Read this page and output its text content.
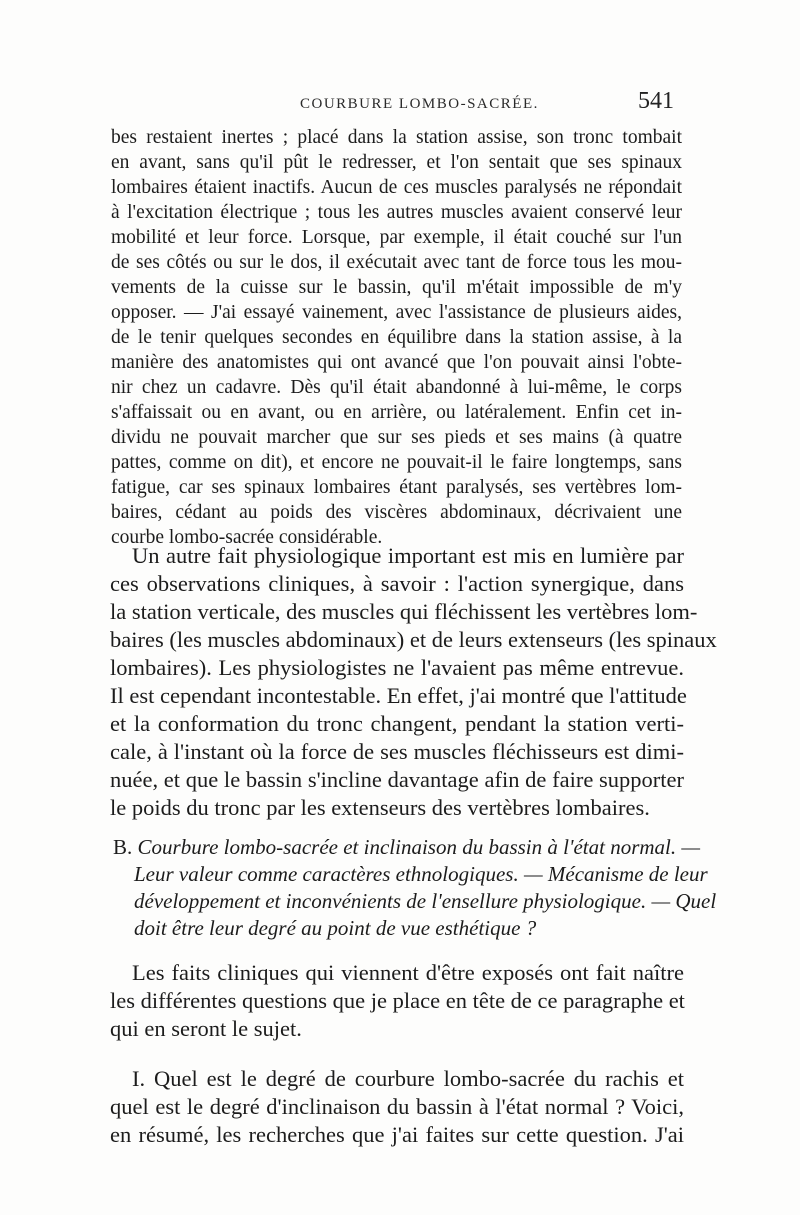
COURBURE LOMBO-SACRÉE.	541
bes restaient inertes ; placé dans la station assise, son tronc tombait
en avant, sans qu'il pût le redresser, et l'on sentait que ses spinaux
lombaires étaient inactifs. Aucun de ces muscles paralysés ne répondait
à l'excitation électrique ; tous les autres muscles avaient conservé leur
mobilité et leur force. Lorsque, par exemple, il était couché sur l'un
de ses côtés ou sur le dos, il exécutait avec tant de force tous les mou-
vements de la cuisse sur le bassin, qu'il m'était impossible de m'y
opposer. — J'ai essayé vainement, avec l'assistance de plusieurs aides,
de le tenir quelques secondes en équilibre dans la station assise, à la
manière des anatomistes qui ont avancé que l'on pouvait ainsi l'obte-
nir chez un cadavre. Dès qu'il était abandonné à lui-même, le corps
s'affaissait ou en avant, ou en arrière, ou latéralement. Enfin cet in-
dividu ne pouvait marcher que sur ses pieds et ses mains (à quatre
pattes, comme on dit), et encore ne pouvait-il le faire longtemps, sans
fatigue, car ses spinaux lombaires étant paralysés, ses vertèbres lom-
baires, cédant au poids des viscères abdominaux, décrivaient une
courbe lombo-sacrée considérable.
Un autre fait physiologique important est mis en lumière par
ces observations cliniques, à savoir : l'action synergique, dans
la station verticale, des muscles qui fléchissent les vertèbres lom-
baires (les muscles abdominaux) et de leurs extenseurs (les spinaux
lombaires). Les physiologistes ne l'avaient pas même entrevue.
Il est cependant incontestable. En effet, j'ai montré que l'attitude
et la conformation du tronc changent, pendant la station verti-
cale, à l'instant où la force de ses muscles fléchisseurs est dimi-
nuée, et que le bassin s'incline davantage afin de faire supporter
le poids du tronc par les extenseurs des vertèbres lombaires.
B. Courbure lombo-sacrée et inclinaison du bassin à l'état normal. —
Leur valeur comme caractères ethnologiques. — Mécanisme de leur
développement et inconvénients de l'ensellure physiologique. — Quel
doit être leur degré au point de vue esthétique ?
Les faits cliniques qui viennent d'être exposés ont fait naître
les différentes questions que je place en tête de ce paragraphe et
qui en seront le sujet.
I. Quel est le degré de courbure lombo-sacrée du rachis et
quel est le degré d'inclinaison du bassin à l'état normal ? Voici,
en résumé, les recherches que j'ai faites sur cette question. J'ai
